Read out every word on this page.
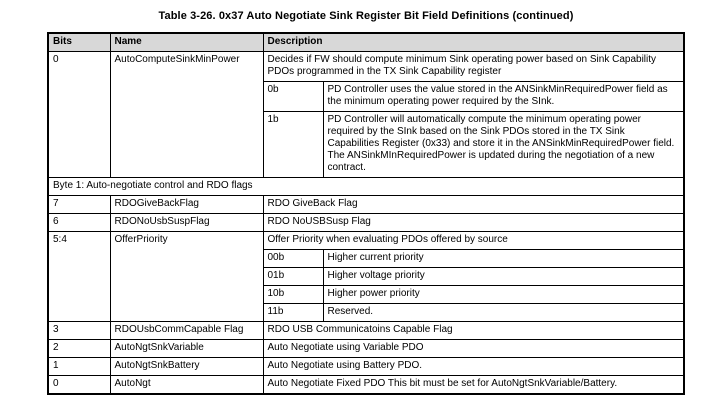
Table 3-26. 0x37 Auto Negotiate Sink Register Bit Field Definitions (continued)
Bits	Name	Description	
0	AutoComputeSinkMinPower	Decides if FW should compute minimum Sink operating power based on Sink Capability PDOs programmed in the TX Sink Capability register	
		0b	PD Controller uses the value stored in the ANSinkMinRequiredPower field as the minimum operating power required by the SInk.
		1b	PD Controller will automatically compute the minimum operating power required by the SInk based on the Sink PDOs stored in the TX Sink Capabilities Register (0x33) and store it in the ANSinkMinRequiredPower field. The ANSinkMInRequiredPower is updated during the negotiation of a new contract.
Byte 1: Auto-negotiate control and RDO flags			
7	RDOGiveBackFlag	RDO GiveBack Flag	
6	RDONoUsbSuspFlag	RDO NoUSBSusp Flag	
5:4	OfferPriority	Offer Priority when evaluating PDOs offered by source	
		00b	Higher current priority
		01b	Higher voltage priority
		10b	Higher power priority
		11b	Reserved.
3	RDOUsbCommCapable Flag	RDO USB Communicatoins Capable Flag	
2	AutoNgtSnkVariable	Auto Negotiate using Variable PDO	
1	AutoNgtSnkBattery	Auto Negotiate using Battery PDO.	
0	AutoNgt	Auto Negotiate Fixed PDO This bit must be set for AutoNgtSnkVariable/Battery.	
